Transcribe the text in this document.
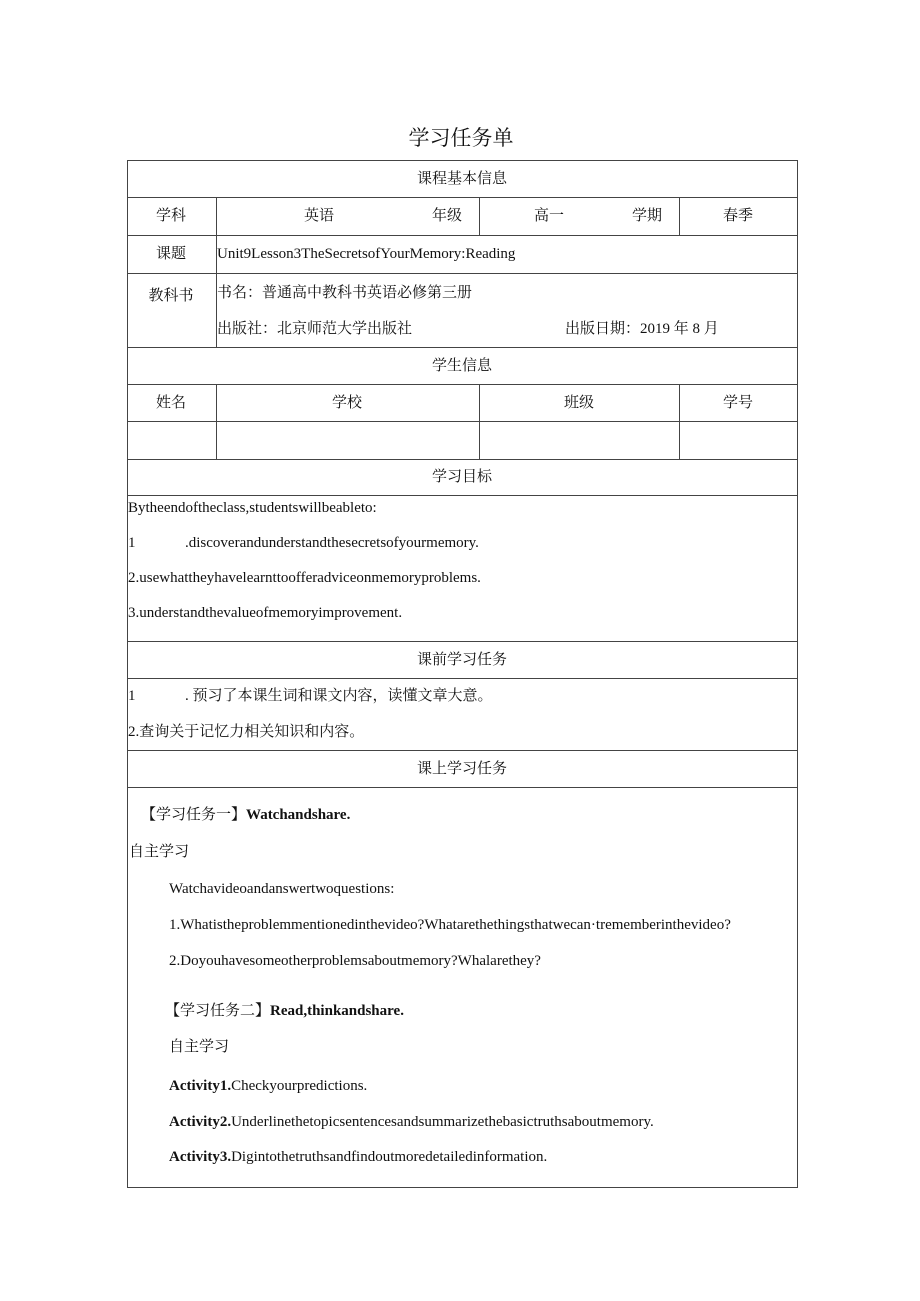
学习任务单
课程基本信息
学科	英语	年级	高一	学期	春季
课题 Unit9Lesson3TheSecretsofYourMemory:Reading
教科书 书名：普通高中教科书英语必修第三册
出版社：北京师范大学出版社	出版日期：2019 年 8 月
学生信息
姓名	学校	班级	学号
学习目标
Bytheendoftheclass,studentswillbeableto:
1	.discoverandunderstandthesecretsofyourmemory.
2.usewhattheyhavelearnttoofferadviceonmemoryproblems.
3.understandthevalueofmemoryimprovement.
课前学习任务
1	. 预习了本课生词和课文内容，读懂文章大意。
2.查询关于记忆力相关知识和内容。
课上学习任务
【学习任务一】Watchandshare.
自主学习
Watchavideoandanswertwoquestions:
1.Whatistheproblemmentionedinthevideo?Whatarethethingsthatwecan·trememberinthevideo?
2.Doyouhavesomeotherproblemsaboutmemory?Whalarethey?
【学习任务二】Read,thinkandshare.
自主学习
Activity1.Checkyourpredictions.
Activity2.Underlinethetopicsentencesandsummarizethebasictruthsaboutmemory.
Activity3.Digintothetruthsandfindoutmoredetailedinformation.
